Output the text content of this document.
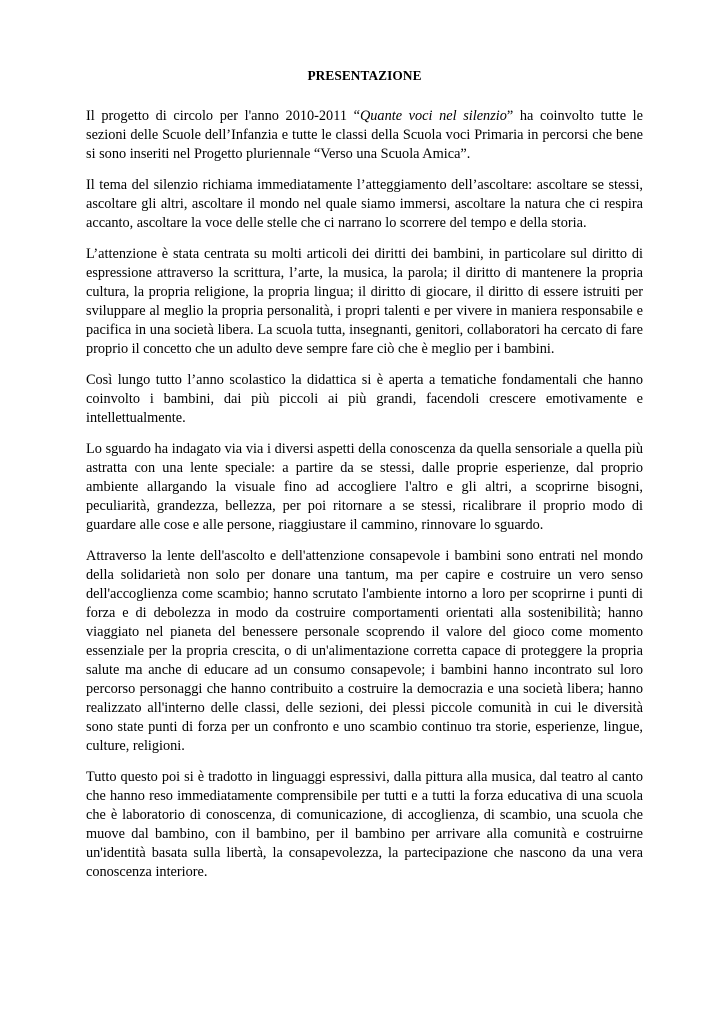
PRESENTAZIONE

Il progetto di circolo per l'anno 2010-2011 “Quante voci nel silenzio” ha coinvolto tutte le sezioni delle Scuole dell’Infanzia e tutte le classi della Scuola voci Primaria in percorsi che bene si sono inseriti nel Progetto pluriennale “Verso una Scuola Amica”.

Il tema del silenzio richiama immediatamente l’atteggiamento dell’ascoltare: ascoltare se stessi, ascoltare gli altri, ascoltare il mondo nel quale siamo immersi, ascoltare la natura che ci respira accanto, ascoltare la voce delle stelle che ci narrano lo scorrere del tempo e della storia.

L’attenzione è stata centrata su molti articoli dei diritti dei bambini, in particolare sul diritto di espressione attraverso la scrittura, l’arte, la musica, la parola; il diritto di mantenere la propria cultura, la propria religione, la propria lingua; il diritto di giocare, il diritto di essere istruiti per sviluppare al meglio la propria personalità, i propri talenti e per vivere in maniera responsabile e pacifica in una società libera. La scuola tutta, insegnanti, genitori, collaboratori ha cercato di fare proprio il concetto che un adulto deve sempre fare ciò che è meglio per i bambini.

Così lungo tutto l’anno scolastico la didattica si è aperta a tematiche fondamentali che hanno coinvolto i bambini, dai più piccoli ai più grandi, facendoli crescere emotivamente e intellettualmente.

Lo sguardo ha indagato via via i diversi aspetti della conoscenza da quella sensoriale a quella più astratta con una lente speciale: a partire da se stessi, dalle proprie esperienze, dal proprio ambiente allargando la visuale fino ad accogliere l'altro e gli altri, a scoprirne bisogni, peculiarità, grandezza, bellezza, per poi ritornare a se stessi, ricalibrare il proprio modo di guardare alle cose e alle persone, riaggiustare il cammino, rinnovare lo sguardo.

Attraverso la lente dell'ascolto e dell'attenzione consapevole i bambini sono entrati nel mondo della solidarietà non solo per donare una tantum, ma per capire e costruire un vero senso dell'accoglienza come scambio; hanno scrutato l'ambiente intorno a loro per scoprirne i punti di forza e di debolezza in modo da costruire comportamenti orientati alla sostenibilità; hanno viaggiato nel pianeta del benessere personale scoprendo il valore del gioco come momento essenziale per la propria crescita, o di un'alimentazione corretta capace di proteggere la propria salute ma anche di educare ad un consumo consapevole; i bambini hanno incontrato sul loro percorso personaggi che hanno contribuito a costruire la democrazia e una società libera; hanno realizzato all'interno delle classi, delle sezioni, dei plessi piccole comunità in cui le diversità sono state punti di forza per un confronto e uno scambio continuo tra storie, esperienze, lingue, culture, religioni.

Tutto questo poi si è tradotto in linguaggi espressivi, dalla pittura alla musica, dal teatro al canto che hanno reso immediatamente comprensibile per tutti e a tutti la forza educativa di una scuola che è laboratorio di conoscenza, di comunicazione, di accoglienza, di scambio, una scuola che muove dal bambino, con il bambino, per il bambino per arrivare alla comunità e costruirne un'identità basata sulla libertà, la consapevolezza, la partecipazione che nascono da una vera conoscenza interiore.
